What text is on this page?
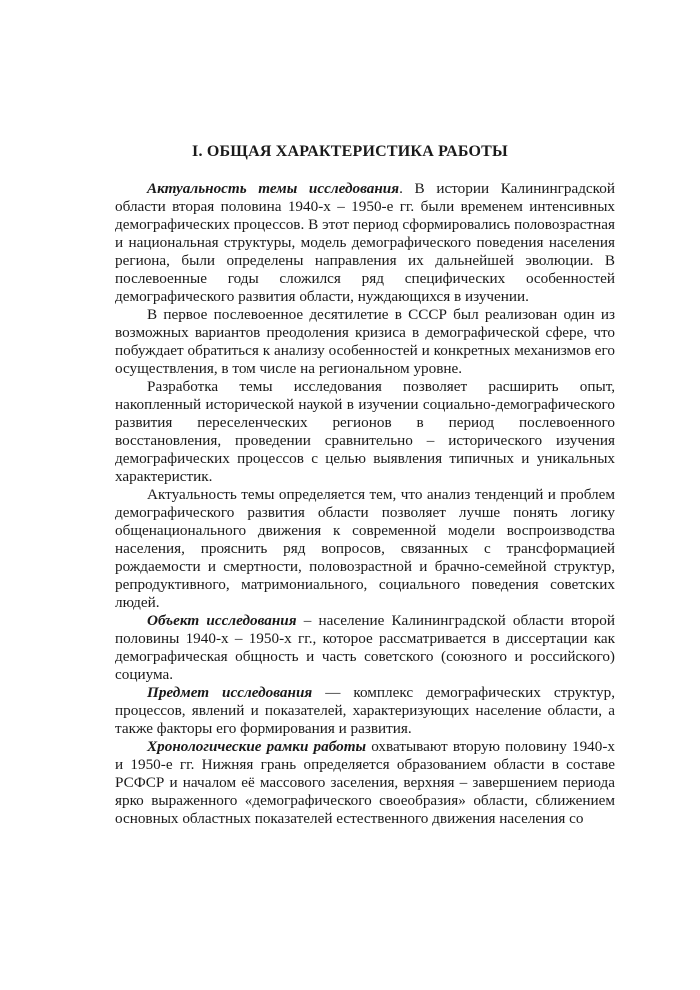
I. ОБЩАЯ ХАРАКТЕРИСТИКА РАБОТЫ

Актуальность темы исследования. В истории Калининградской области вторая половина 1940-х – 1950-е гг. были временем интенсивных демографических процессов. В этот период сформировались половозрастная и национальная структуры, модель демографического поведения населения региона, были определены направления их дальнейшей эволюции. В послевоенные годы сложился ряд специфических особенностей демографического развития области, нуждающихся в изучении.

В первое послевоенное десятилетие в СССР был реализован один из возможных вариантов преодоления кризиса в демографической сфере, что побуждает обратиться к анализу особенностей и конкретных механизмов его осуществления, в том числе на региональном уровне.

Разработка темы исследования позволяет расширить опыт, накопленный исторической наукой в изучении социально-демографического развития переселенческих регионов в период послевоенного восстановления, проведении сравнительно – исторического изучения демографических процессов с целью выявления типичных и уникальных характеристик.

Актуальность темы определяется тем, что анализ тенденций и проблем демографического развития области позволяет лучше понять логику общенационального движения к современной модели воспроизводства населения, прояснить ряд вопросов, связанных с трансформацией рождаемости и смертности, половозрастной и брачно-семейной структур, репродуктивного, матримониального, социального поведения советских людей.

Объект исследования – население Калининградской области второй половины 1940-х – 1950-х гг., которое рассматривается в диссертации как демографическая общность и часть советского (союзного и российского) социума.

Предмет исследования — комплекс демографических структур, процессов, явлений и показателей, характеризующих население области, а также факторы его формирования и развития.

Хронологические рамки работы охватывают вторую половину 1940-х и 1950-е гг. Нижняя грань определяется образованием области в составе РСФСР и началом её массового заселения, верхняя – завершением периода ярко выраженного «демографического своеобразия» области, сближением основных областных показателей естественного движения населения со
